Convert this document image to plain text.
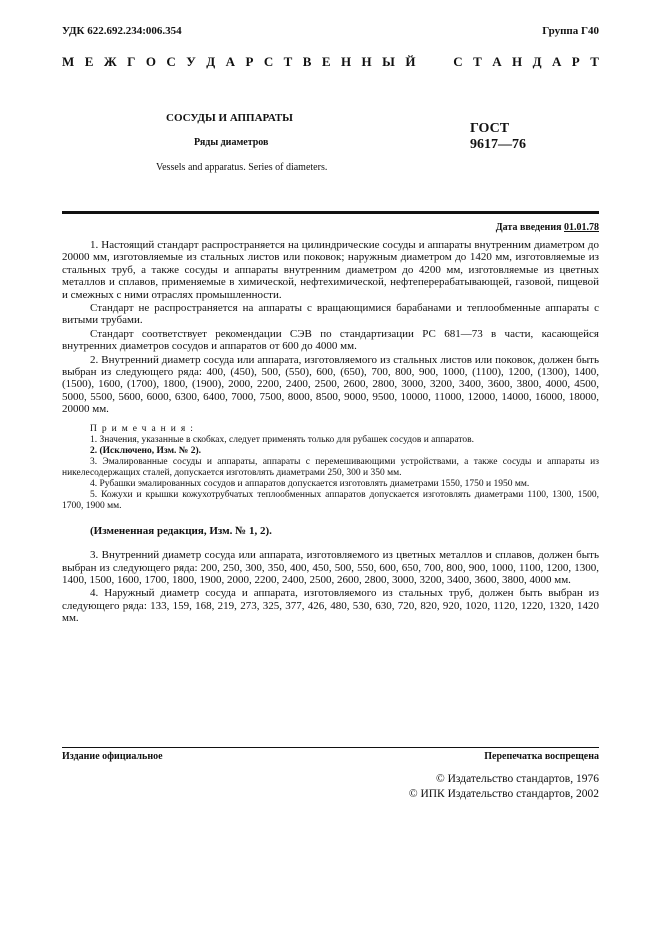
УДК 622.692.234:006.354	Группа Г40
М Е Ж Г О С У Д А Р С Т В Е Н Н Ы Й

	С Т А Н Д А Р Т
СОСУДЫ И АППАРАТЫ
Ряды диаметров
Vessels and apparatus. Series of diameters.
ГОСТ
9617—76
Дата введения 01.01.78

1. Настоящий стандарт распространяется на цилиндрические сосуды и аппараты внутренним диаметром до 20000 мм, изготовляемые из стальных листов или поковок; наружным диаметром до 1420 мм, изготовляемые из стальных труб, а также сосуды и аппараты внутренним диаметром до 4200 мм, изготовляемые из цветных металлов и сплавов, применяемые в химической, нефтехимической, нефтеперерабатывающей, газовой, пищевой и смежных с ними отраслях промышленности.

Стандарт не распространяется на аппараты с вращающимися барабанами и теплообменные аппараты с витыми трубами.

Стандарт соответствует рекомендации СЭВ по стандартизации РС 681—73 в части, касающейся внутренних диаметров сосудов и аппаратов от 600 до 4000 мм.

2. Внутренний диаметр сосуда или аппарата, изготовляемого из стальных листов или поковок, должен быть выбран из следующего ряда: 400, (450), 500, (550), 600, (650), 700, 800, 900, 1000, (1100), 1200, (1300), 1400, (1500), 1600, (1700), 1800, (1900), 2000, 2200, 2400, 2500, 2600, 2800, 3000, 3200, 3400, 3600, 3800, 4000, 4500, 5000, 5500, 5600, 6000, 6300, 6400, 7000, 7500, 8000, 8500, 9000, 9500, 10000, 11000, 12000, 14000, 16000, 18000, 20000 мм.

Примечания:

1. Значения, указанные в скобках, следует применять только для рубашек сосудов и аппаратов.

2. (Исключено, Изм. № 2).

3. Эмалированные сосуды и аппараты, аппараты с перемешивающими устройствами, а также сосуды и аппараты из никелесодержащих сталей, допускается изготовлять диаметрами 250, 300 и 350 мм.

4. Рубашки эмалированных сосудов и аппаратов допускается изготовлять диаметрами 1550, 1750 и 1950 мм.

5. Кожухи и крышки кожухотрубчатых теплообменных аппаратов допускается изготовлять диаметрами 1100, 1300, 1500, 1700, 1900 мм.

(Измененная редакция, Изм. № 1, 2).

3. Внутренний диаметр сосуда или аппарата, изготовляемого из цветных металлов и сплавов, должен быть выбран из следующего ряда: 200, 250, 300, 350, 400, 450, 500, 550, 600, 650, 700, 800, 900, 1000, 1100, 1200, 1300, 1400, 1500, 1600, 1700, 1800, 1900, 2000, 2200, 2400, 2500, 2600, 2800, 3000, 3200, 3400, 3600, 3800, 4000 мм.

4. Наружный диаметр сосуда и аппарата, изготовляемого из стальных труб, должен быть выбран из следующего ряда: 133, 159, 168, 219, 273, 325, 377, 426, 480, 530, 630, 720, 820, 920, 1020, 1120, 1220, 1320, 1420 мм.

Издание официальное	Перепечатка воспрещена
© Издательство стандартов, 1976
© ИПК Издательство стандартов, 2002
